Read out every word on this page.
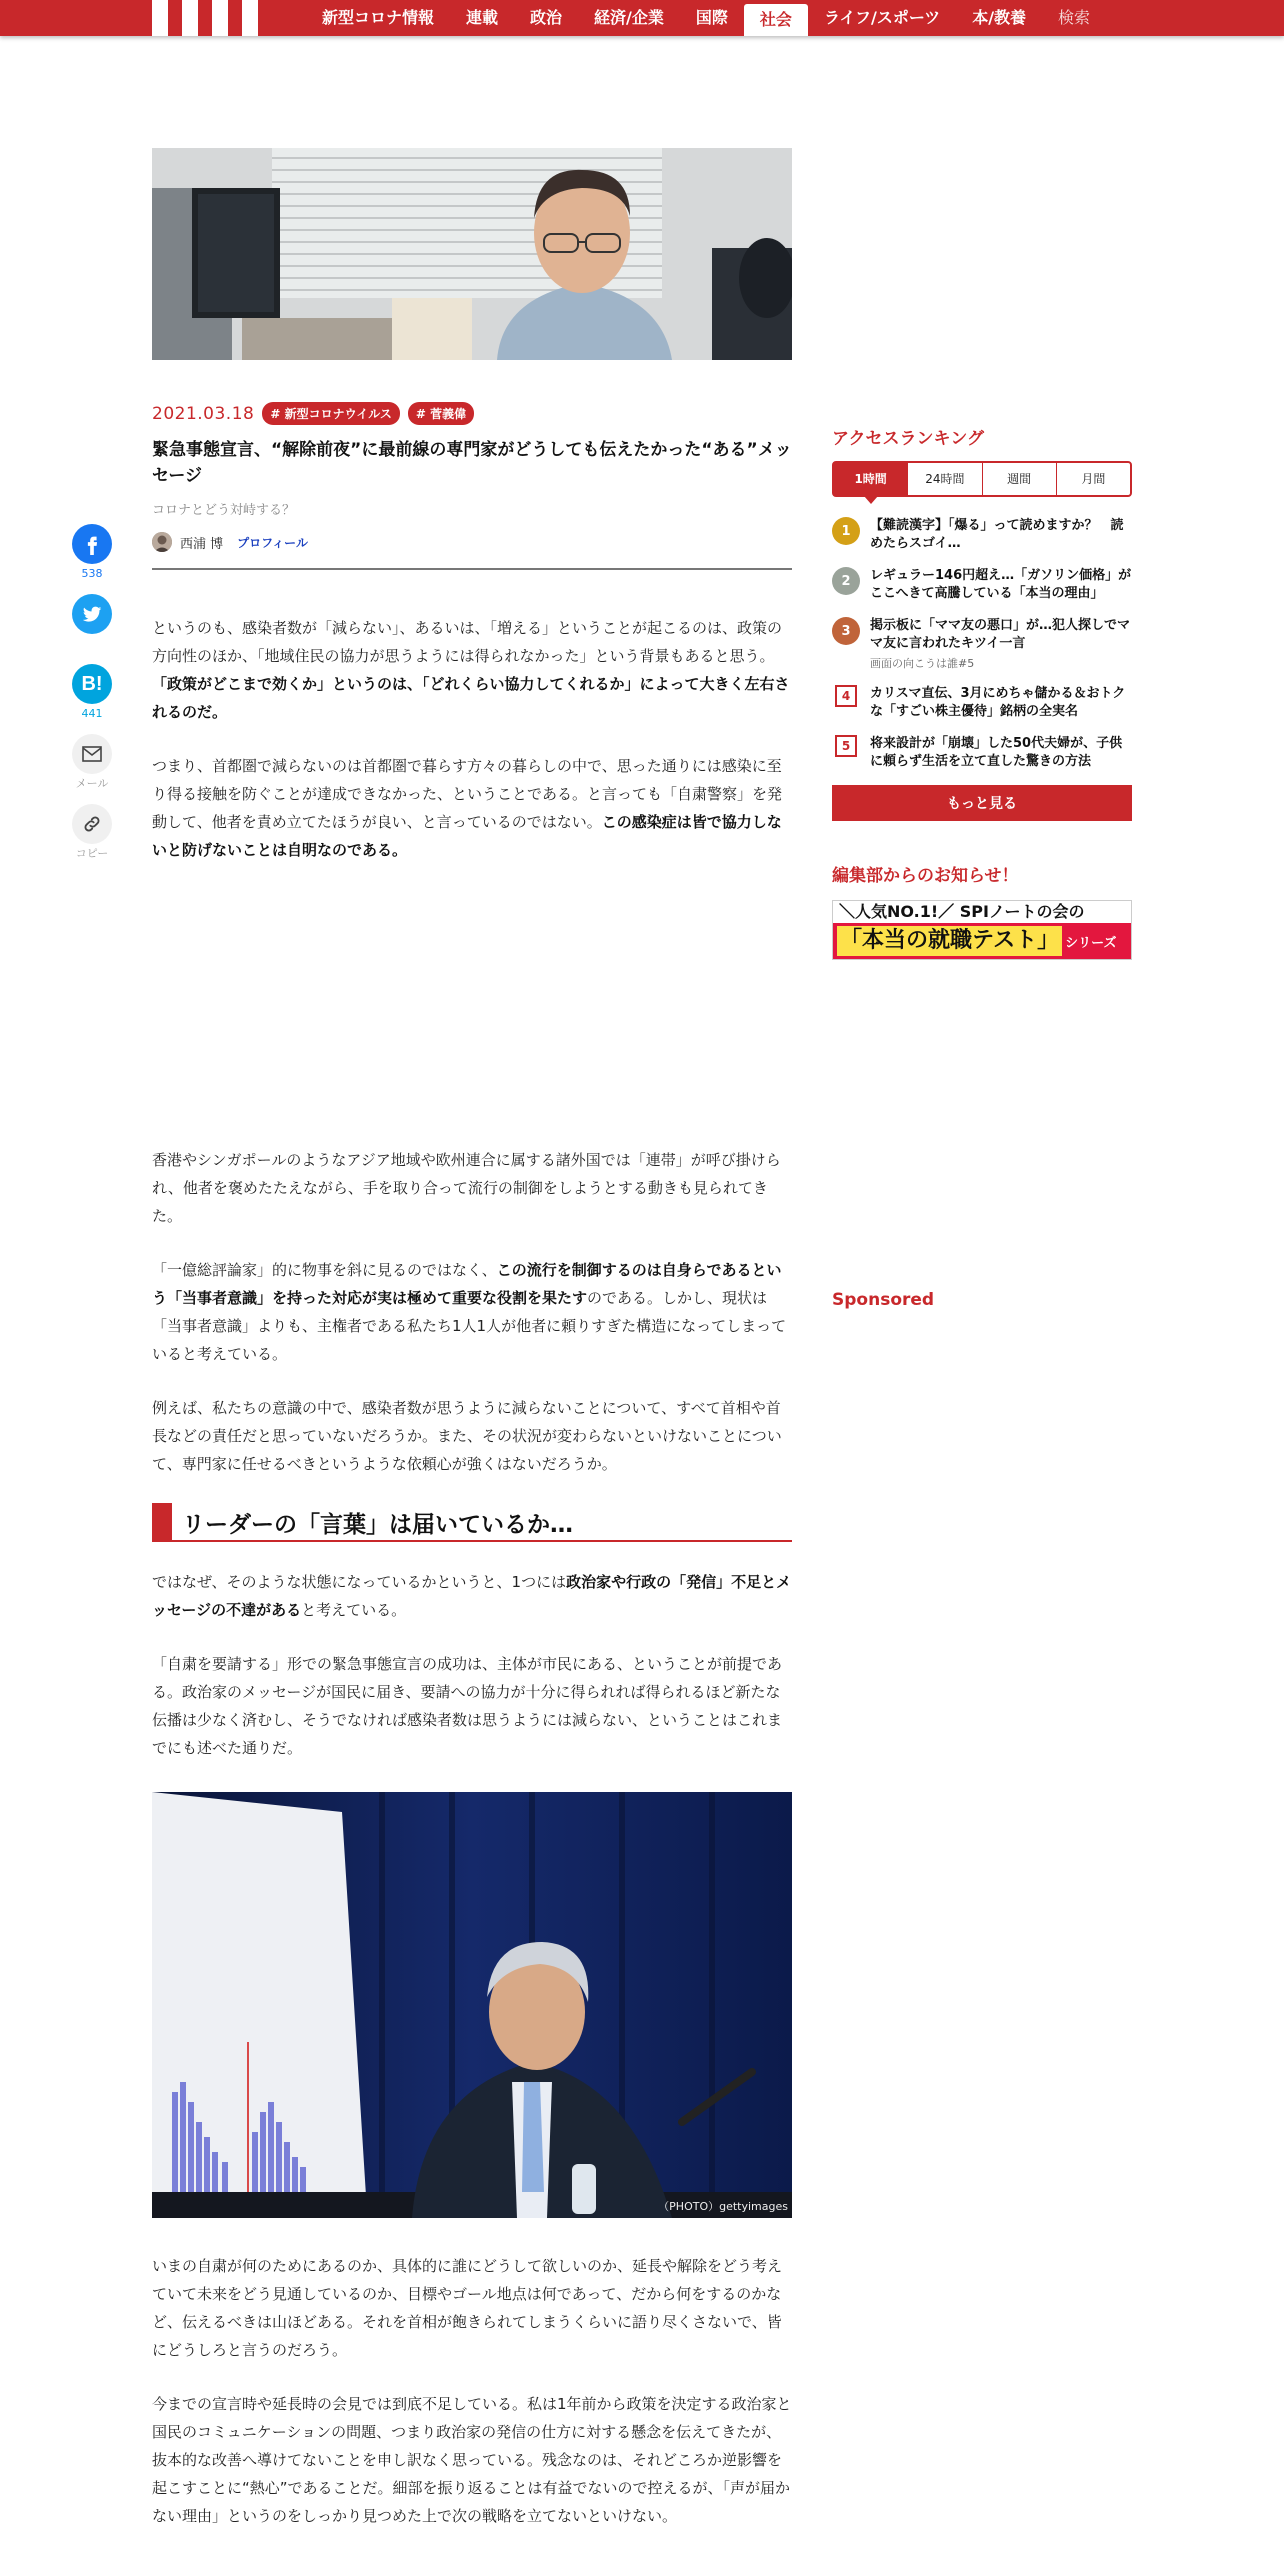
新型コロナ情報	連載	政治	経済/企業	国際	社会	ライフ/スポーツ	本/教養	検索
538
B!
441
メール
コピー
2021.03.18	# 新型コロナウイルス	# 菅義偉
緊急事態宣言、“解除前夜”に最前線の専門家がどうしても伝えたかった“ある”メッセージ
コロナとどう対峙する？
西浦 博 プロフィール

というのも、感染者数が「減らない」、あるいは、「増える」ということが起こるのは、政策の方向性のほか、「地域住民の協力が思うようには得られなかった」という背景もあると思う。「政策がどこまで効くか」というのは、「どれくらい協力してくれるか」によって大きく左右されるのだ。

つまり、首都圏で減らないのは首都圏で暮らす方々の暮らしの中で、思った通りには感染に至り得る接触を防ぐことが達成できなかった、ということである。と言っても「自粛警察」を発動して、他者を責め立てたほうが良い、と言っているのではない。この感染症は皆で協力しないと防げないことは自明なのである。

香港やシンガポールのようなアジア地域や欧州連合に属する諸外国では「連帯」が呼び掛けられ、他者を褒めたたえながら、手を取り合って流行の制御をしようとする動きも見られてきた。

「一億総評論家」的に物事を斜に見るのではなく、この流行を制御するのは自身らであるという「当事者意識」を持った対応が実は極めて重要な役割を果たすのである。しかし、現状は「当事者意識」よりも、主権者である私たち1人1人が他者に頼りすぎた構造になってしまっていると考えている。

例えば、私たちの意識の中で、感染者数が思うように減らないことについて、すべて首相や首長などの責任だと思っていないだろうか。また、その状況が変わらないといけないことについて、専門家に任せるべきというような依頼心が強くはないだろうか。

リーダーの「言葉」は届いているか…

ではなぜ、そのような状態になっているかというと、1つには政治家や行政の「発信」不足とメッセージの不達があると考えている。

「自粛を要請する」形での緊急事態宣言の成功は、主体が市民にある、ということが前提である。政治家のメッセージが国民に届き、要請への協力が十分に得られれば得られるほど新たな伝播は少なく済むし、そうでなければ感染者数は思うようには減らない、ということはこれまでにも述べた通りだ。

（PHOTO）gettyimages

いまの自粛が何のためにあるのか、具体的に誰にどうして欲しいのか、延長や解除をどう考えていて未来をどう見通しているのか、目標やゴール地点は何であって、だから何をするのかなど、伝えるべきは山ほどある。それを首相が飽きられてしまうくらいに語り尽くさないで、皆にどうしろと言うのだろう。

今までの宣言時や延長時の会見では到底不足している。私は1年前から政策を決定する政治家と国民のコミュニケーションの問題、つまり政治家の発信の仕方に対する懸念を伝えてきたが、抜本的な改善へ導けてないことを申し訳なく思っている。残念なのは、それどころか逆影響を起こすことに“熱心”であることだ。細部を振り返ることは有益でないので控えるが、「声が届かない理由」というのをしっかり見つめた上で次の戦略を立てないといけない。

アクセスランキング
1時間	24時間	週間	月間
1	【難読漢字】「爆る」って読めますか？　読めたらスゴイ…
2	レギュラー146円超え…「ガソリン価格」がここへきて高騰している「本当の理由」
3	掲示板に「ママ友の悪口」が…犯人探しでママ友に言われたキツイ一言
画面の向こうは誰#5
4	カリスマ直伝、3月にめちゃ儲かる＆おトクな「すごい株主優待」銘柄の全実名
5	将来設計が「崩壊」した50代夫婦が、子供に頼らず生活を立て直した驚きの方法
もっと見る
編集部からのお知らせ！
＼人気NO.1!／ SPIノートの会の
「本当の就職テスト」 シリーズ
Sponsored
